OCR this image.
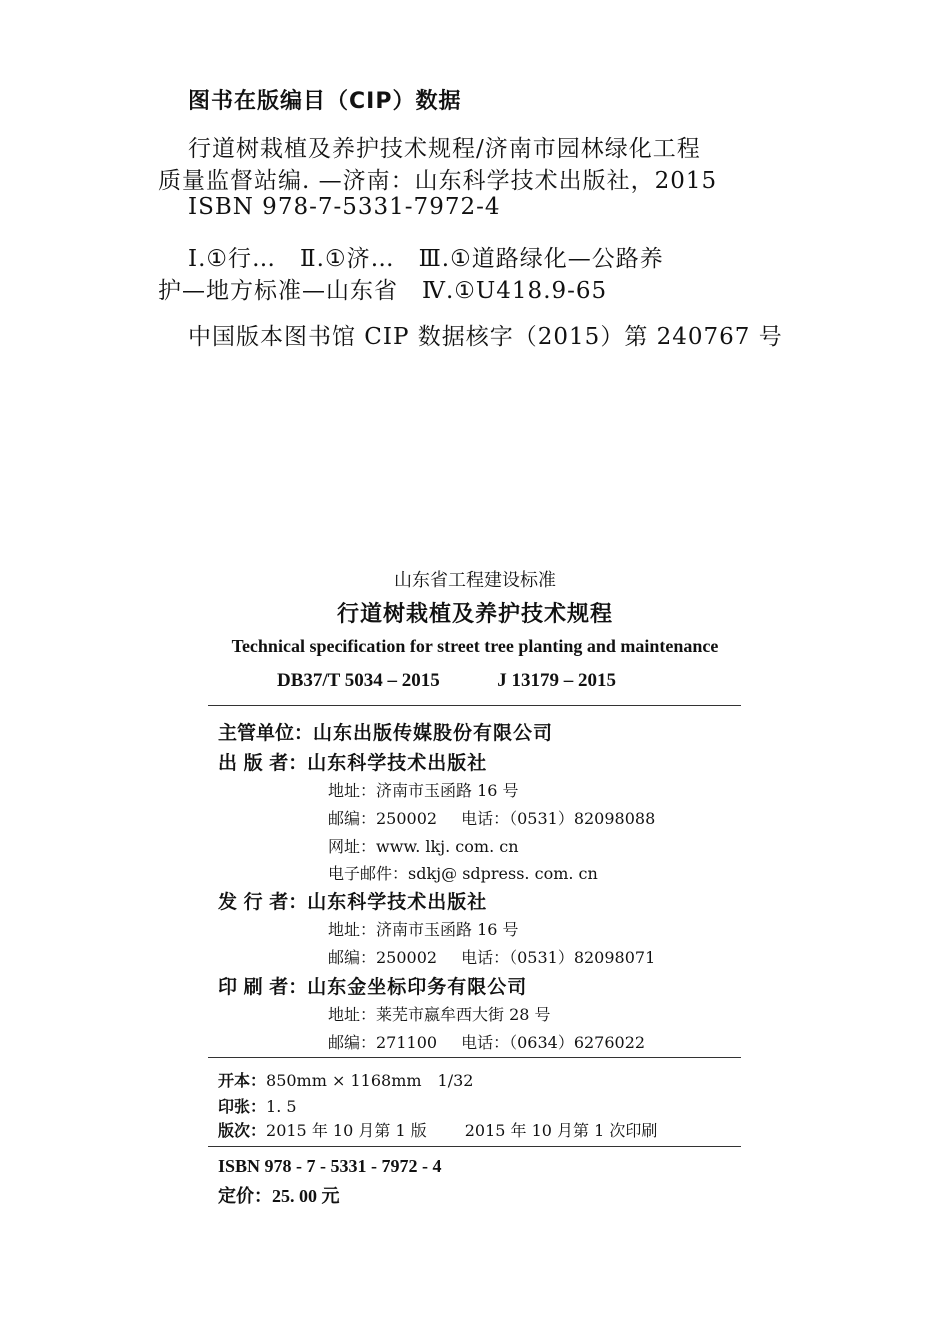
图书在版编目（CIP）数据
行道树栽植及养护技术规程/济南市园林绿化工程
质量监督站编. —济南：山东科学技术出版社，2015
ISBN 978-7-5331-7972-4
Ⅰ.①行…　Ⅱ.①济…　Ⅲ.①道路绿化—公路养
护—地方标准—山东省　Ⅳ.①U418.9-65
中国版本图书馆 CIP 数据核字（2015）第 240767 号
山东省工程建设标准
行道树栽植及养护技术规程
Technical specification for street tree planting and maintenance
DB37/T 5034 – 2015	J 13179 – 2015
主管单位：山东出版传媒股份有限公司
出 版 者：山东科学技术出版社
地址：济南市玉函路 16 号
邮编：250002 电话：（0531）82098088
网址：www. lkj. com. cn
电子邮件：sdkj@ sdpress. com. cn
发 行 者：山东科学技术出版社
地址：济南市玉函路 16 号
邮编：250002 电话：（0531）82098071
印 刷 者：山东金坐标印务有限公司
地址：莱芜市嬴牟西大街 28 号
邮编：271100 电话：（0634）6276022
开本：850mm × 1168mm　1/32
印张：1. 5
版次：2015 年 10 月第 1 版 2015 年 10 月第 1 次印刷
ISBN 978 - 7 - 5331 - 7972 - 4
定价：25. 00 元
